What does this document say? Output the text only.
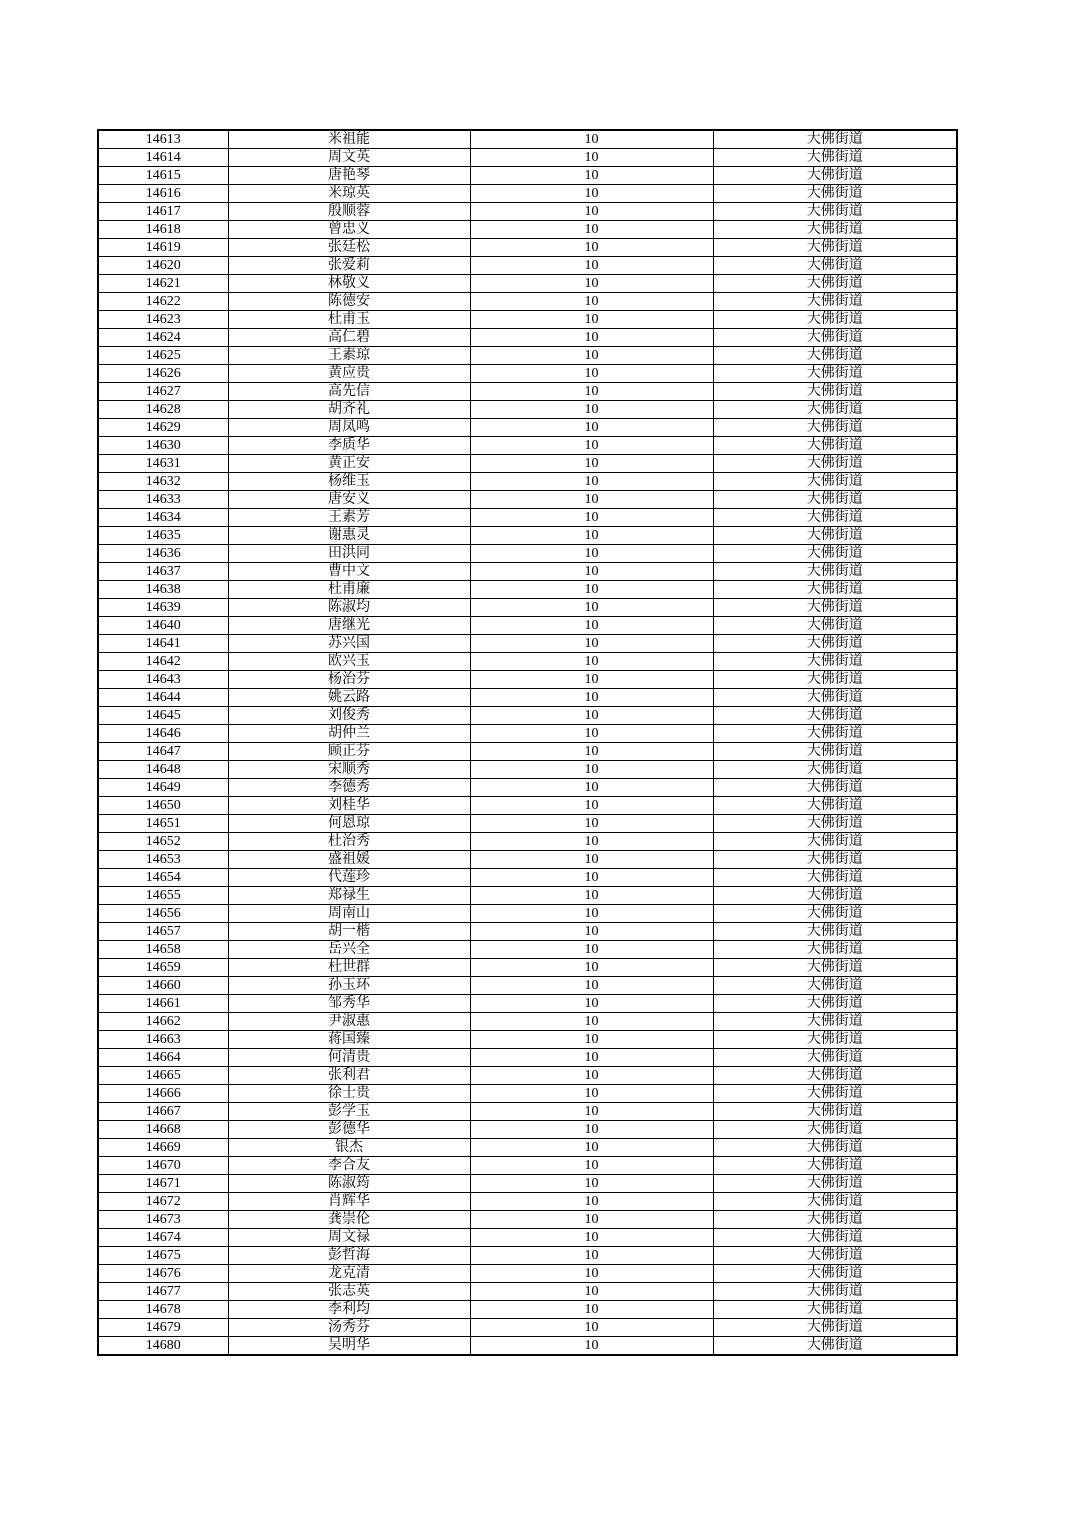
14613	米祖能	10	大佛街道
14614	周文英	10	大佛街道
14615	唐艳琴	10	大佛街道
14616	米琼英	10	大佛街道
14617	殷顺蓉	10	大佛街道
14618	曾忠义	10	大佛街道
14619	张廷松	10	大佛街道
14620	张爱莉	10	大佛街道
14621	林敬义	10	大佛街道
14622	陈德安	10	大佛街道
14623	杜甫玉	10	大佛街道
14624	高仁碧	10	大佛街道
14625	王素琼	10	大佛街道
14626	黄应贵	10	大佛街道
14627	高先信	10	大佛街道
14628	胡齐礼	10	大佛街道
14629	周凤鸣	10	大佛街道
14630	李质华	10	大佛街道
14631	黄正安	10	大佛街道
14632	杨维玉	10	大佛街道
14633	唐安义	10	大佛街道
14634	王素芳	10	大佛街道
14635	谢惠灵	10	大佛街道
14636	田洪同	10	大佛街道
14637	曹中文	10	大佛街道
14638	杜甫廉	10	大佛街道
14639	陈淑均	10	大佛街道
14640	唐继光	10	大佛街道
14641	苏兴国	10	大佛街道
14642	欧兴玉	10	大佛街道
14643	杨治芬	10	大佛街道
14644	姚云路	10	大佛街道
14645	刘俊秀	10	大佛街道
14646	胡仲兰	10	大佛街道
14647	顾正芬	10	大佛街道
14648	宋顺秀	10	大佛街道
14649	李德秀	10	大佛街道
14650	刘桂华	10	大佛街道
14651	何恩琼	10	大佛街道
14652	杜治秀	10	大佛街道
14653	盛祖媛	10	大佛街道
14654	代莲珍	10	大佛街道
14655	郑禄生	10	大佛街道
14656	周南山	10	大佛街道
14657	胡一楷	10	大佛街道
14658	岳兴全	10	大佛街道
14659	杜世群	10	大佛街道
14660	孙玉环	10	大佛街道
14661	邹秀华	10	大佛街道
14662	尹淑惠	10	大佛街道
14663	蒋国臻	10	大佛街道
14664	何清贵	10	大佛街道
14665	张利君	10	大佛街道
14666	徐士贵	10	大佛街道
14667	彭学玉	10	大佛街道
14668	彭德华	10	大佛街道
14669	银杰	10	大佛街道
14670	李合友	10	大佛街道
14671	陈淑筠	10	大佛街道
14672	肖辉华	10	大佛街道
14673	龚崇伦	10	大佛街道
14674	周文禄	10	大佛街道
14675	彭哲海	10	大佛街道
14676	龙克清	10	大佛街道
14677	张志英	10	大佛街道
14678	李利均	10	大佛街道
14679	汤秀芬	10	大佛街道
14680	吴明华	10	大佛街道
